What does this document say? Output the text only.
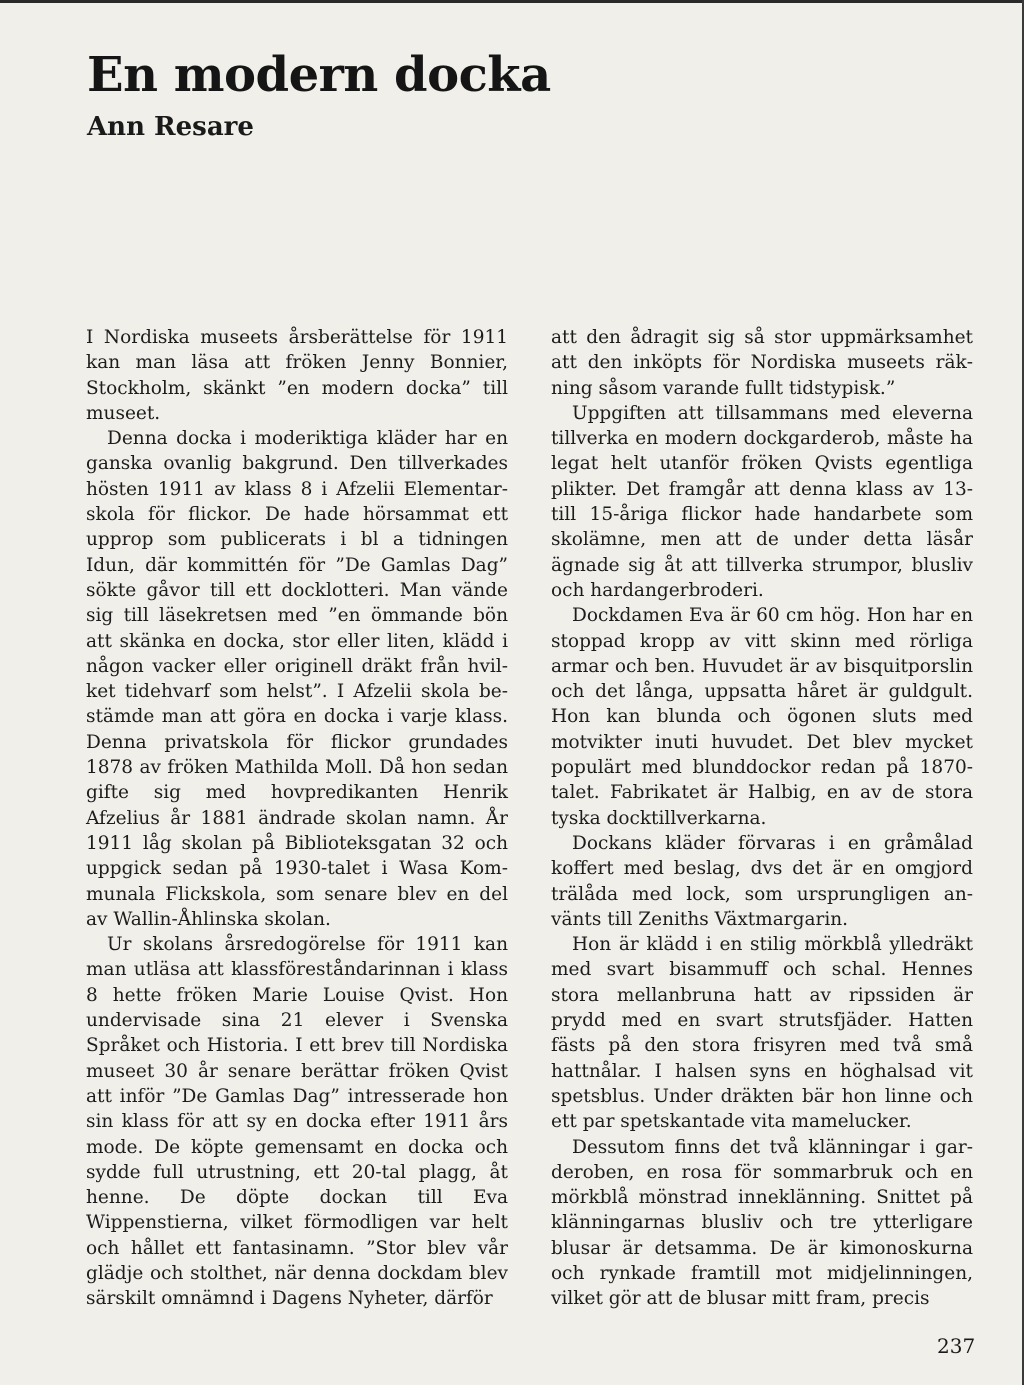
En modern docka
Ann Resare

I Nordiska museets årsberättelse för 1911 kan man läsa att fröken Jenny Bonnier, Stockholm, skänkt ”en modern docka” till museet.

Denna docka i moderiktiga kläder har en ganska ovanlig bakgrund. Den tillverkades hösten 1911 av klass 8 i Afzelii Elementarskola för flickor. De hade hörsammat ett upprop som publicerats i bl a tidningen Idun, där kommittén för ”De Gamlas Dag” sökte gåvor till ett docklotteri. Man vände sig till läsekretsen med ”en ömmande bön att skänka en docka, stor eller liten, klädd i någon vacker eller originell dräkt från hvilket tidehvarf som helst”. I Afzelii skola bestämde man att göra en docka i varje klass. Denna privatskola för flickor grundades 1878 av fröken Mathilda Moll. Då hon sedan gifte sig med hovpredikanten Henrik Afzelius år 1881 ändrade skolan namn. År 1911 låg skolan på Biblioteksgatan 32 och uppgick sedan på 1930-talet i Wasa Kommunala Flickskola, som senare blev en del av Wallin-Åhlinska skolan.

Ur skolans årsredogörelse för 1911 kan man utläsa att klassföreståndarinnan i klass 8 hette fröken Marie Louise Qvist. Hon undervisade sina 21 elever i Svenska Språket och Historia. I ett brev till Nordiska museet 30 år senare berättar fröken Qvist att inför ”De Gamlas Dag” intresserade hon sin klass för att sy en docka efter 1911 års mode. De köpte gemensamt en docka och sydde full utrustning, ett 20-tal plagg, åt henne. De döpte dockan till Eva Wippenstierna, vilket förmodligen var helt och hållet ett fantasinamn. ”Stor blev vår glädje och stolthet, när denna dockdam blev särskilt omnämnd i Dagens Nyheter, därför

att den ådragit sig så stor uppmärksamhet att den inköpts för Nordiska museets räkning såsom varande fullt tidstypisk.”

Uppgiften att tillsammans med eleverna tillverka en modern dockgarderob, måste ha legat helt utanför fröken Qvists egentliga plikter. Det framgår att denna klass av 13- till 15-åriga flickor hade handarbete som skolämne, men att de under detta läsår ägnade sig åt att tillverka strumpor, blusliv och hardangerbroderi.

Dockdamen Eva är 60 cm hög. Hon har en stoppad kropp av vitt skinn med rörliga armar och ben. Huvudet är av bisquitporslin och det långa, uppsatta håret är guldgult. Hon kan blunda och ögonen sluts med motvikter inuti huvudet. Det blev mycket populärt med blunddockor redan på 1870-talet. Fabrikatet är Halbig, en av de stora tyska docktillverkarna.

Dockans kläder förvaras i en gråmålad koffert med beslag, dvs det är en omgjord trälåda med lock, som ursprungligen använts till Zeniths Växtmargarin.

Hon är klädd i en stilig mörkblå ylledräkt med svart bisammuff och schal. Hennes stora mellanbruna hatt av ripssiden är prydd med en svart strutsfjäder. Hatten fästs på den stora frisyren med två små hattnålar. I halsen syns en höghalsad vit spetsblus. Under dräkten bär hon linne och ett par spetskantade vita mamelucker.

Dessutom finns det två klänningar i garderoben, en rosa för sommarbruk och en mörkblå mönstrad inneklänning. Snittet på klänningarnas blusliv och tre ytterligare blusar är detsamma. De är kimonoskurna och rynkade framtill mot midjelinningen, vilket gör att de blusar mitt fram, precis

237
